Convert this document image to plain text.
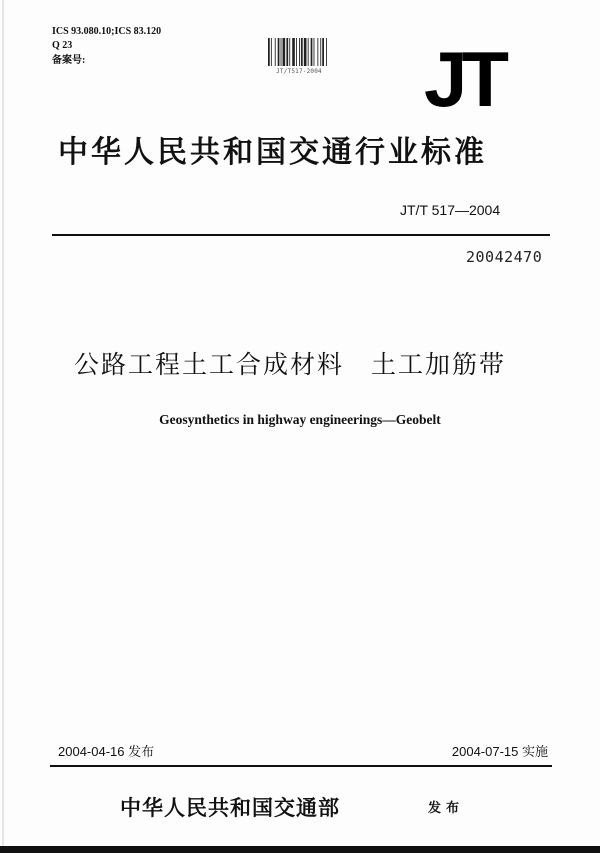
ICS 93.080.10;ICS 83.120
Q 23
备案号:
JT/T517-2004 JT
中华人民共和国交通行业标准
JT/T 517—2004
20042470
公路工程土工合成材料　土工加筋带
Geosynthetics in highway engineerings—Geobelt
2004-04-16 发布	2004-07-15 实施
中华人民共和国交通部	发布
